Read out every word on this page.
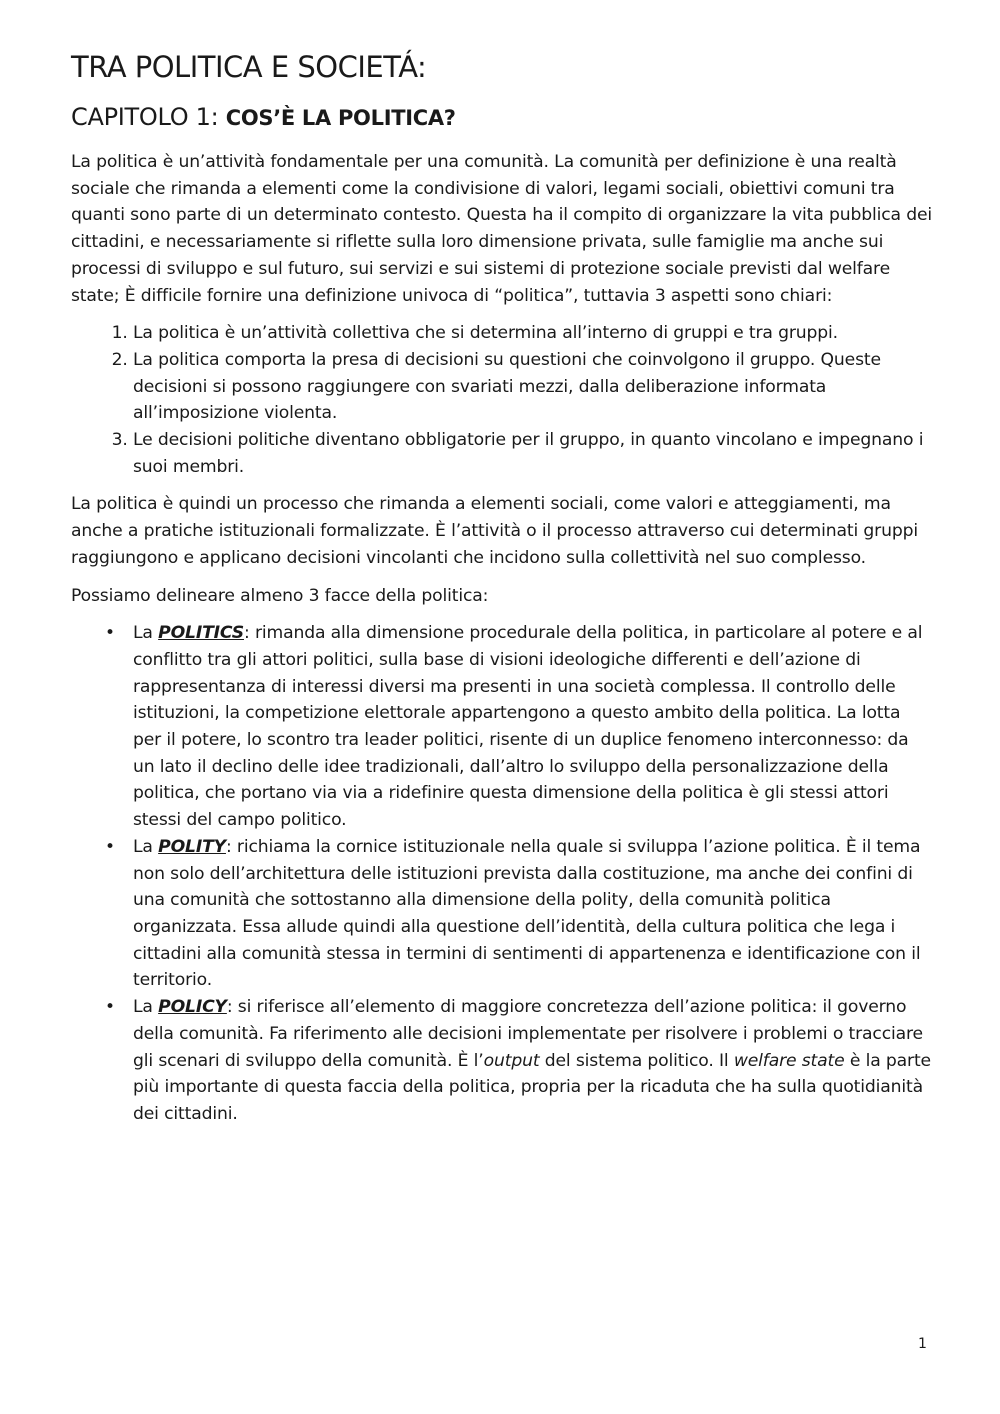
TRA POLITICA E SOCIETÁ:
CAPITOLO 1: COS’È LA POLITICA?

La politica è un’attività fondamentale per una comunità. La comunità per definizione è una realtà sociale che rimanda a elementi come la condivisione di valori, legami sociali, obiettivi comuni tra quanti sono parte di un determinato contesto. Questa ha il compito di organizzare la vita pubblica dei cittadini, e necessariamente si riflette sulla loro dimensione privata, sulle famiglie ma anche sui processi di sviluppo e sul futuro, sui servizi e sui sistemi di protezione sociale previsti dal welfare state; È difficile fornire una definizione univoca di “politica”, tuttavia 3 aspetti sono chiari:

1. La politica è un’attività collettiva che si determina all’interno di gruppi e tra gruppi.
2. La politica comporta la presa di decisioni su questioni che coinvolgono il gruppo. Queste decisioni si possono raggiungere con svariati mezzi, dalla deliberazione informata all’imposizione violenta.
3. Le decisioni politiche diventano obbligatorie per il gruppo, in quanto vincolano e impegnano i suoi membri.

La politica è quindi un processo che rimanda a elementi sociali, come valori e atteggiamenti, ma anche a pratiche istituzionali formalizzate. È l’attività o il processo attraverso cui determinati gruppi raggiungono e applicano decisioni vincolanti che incidono sulla collettività nel suo complesso.

Possiamo delineare almeno 3 facce della politica:

• La POLITICS: rimanda alla dimensione procedurale della politica, in particolare al potere e al conflitto tra gli attori politici, sulla base di visioni ideologiche differenti e dell’azione di rappresentanza di interessi diversi ma presenti in una società complessa. Il controllo delle istituzioni, la competizione elettorale appartengono a questo ambito della politica. La lotta per il potere, lo scontro tra leader politici, risente di un duplice fenomeno interconnesso: da un lato il declino delle idee tradizionali, dall’altro lo sviluppo della personalizzazione della politica, che portano via via a ridefinire questa dimensione della politica è gli stessi attori stessi del campo politico.
• La POLITY: richiama la cornice istituzionale nella quale si sviluppa l’azione politica. È il tema non solo dell’architettura delle istituzioni prevista dalla costituzione, ma anche dei confini di una comunità che sottostanno alla dimensione della polity, della comunità politica organizzata. Essa allude quindi alla questione dell’identità, della cultura politica che lega i cittadini alla comunità stessa in termini di sentimenti di appartenenza e identificazione con il territorio.
• La POLICY: si riferisce all’elemento di maggiore concretezza dell’azione politica: il governo della comunità. Fa riferimento alle decisioni implementate per risolvere i problemi o tracciare gli scenari di sviluppo della comunità. È l’output del sistema politico. Il welfare state è la parte più importante di questa faccia della politica, propria per la ricaduta che ha sulla quotidianità dei cittadini.
1
